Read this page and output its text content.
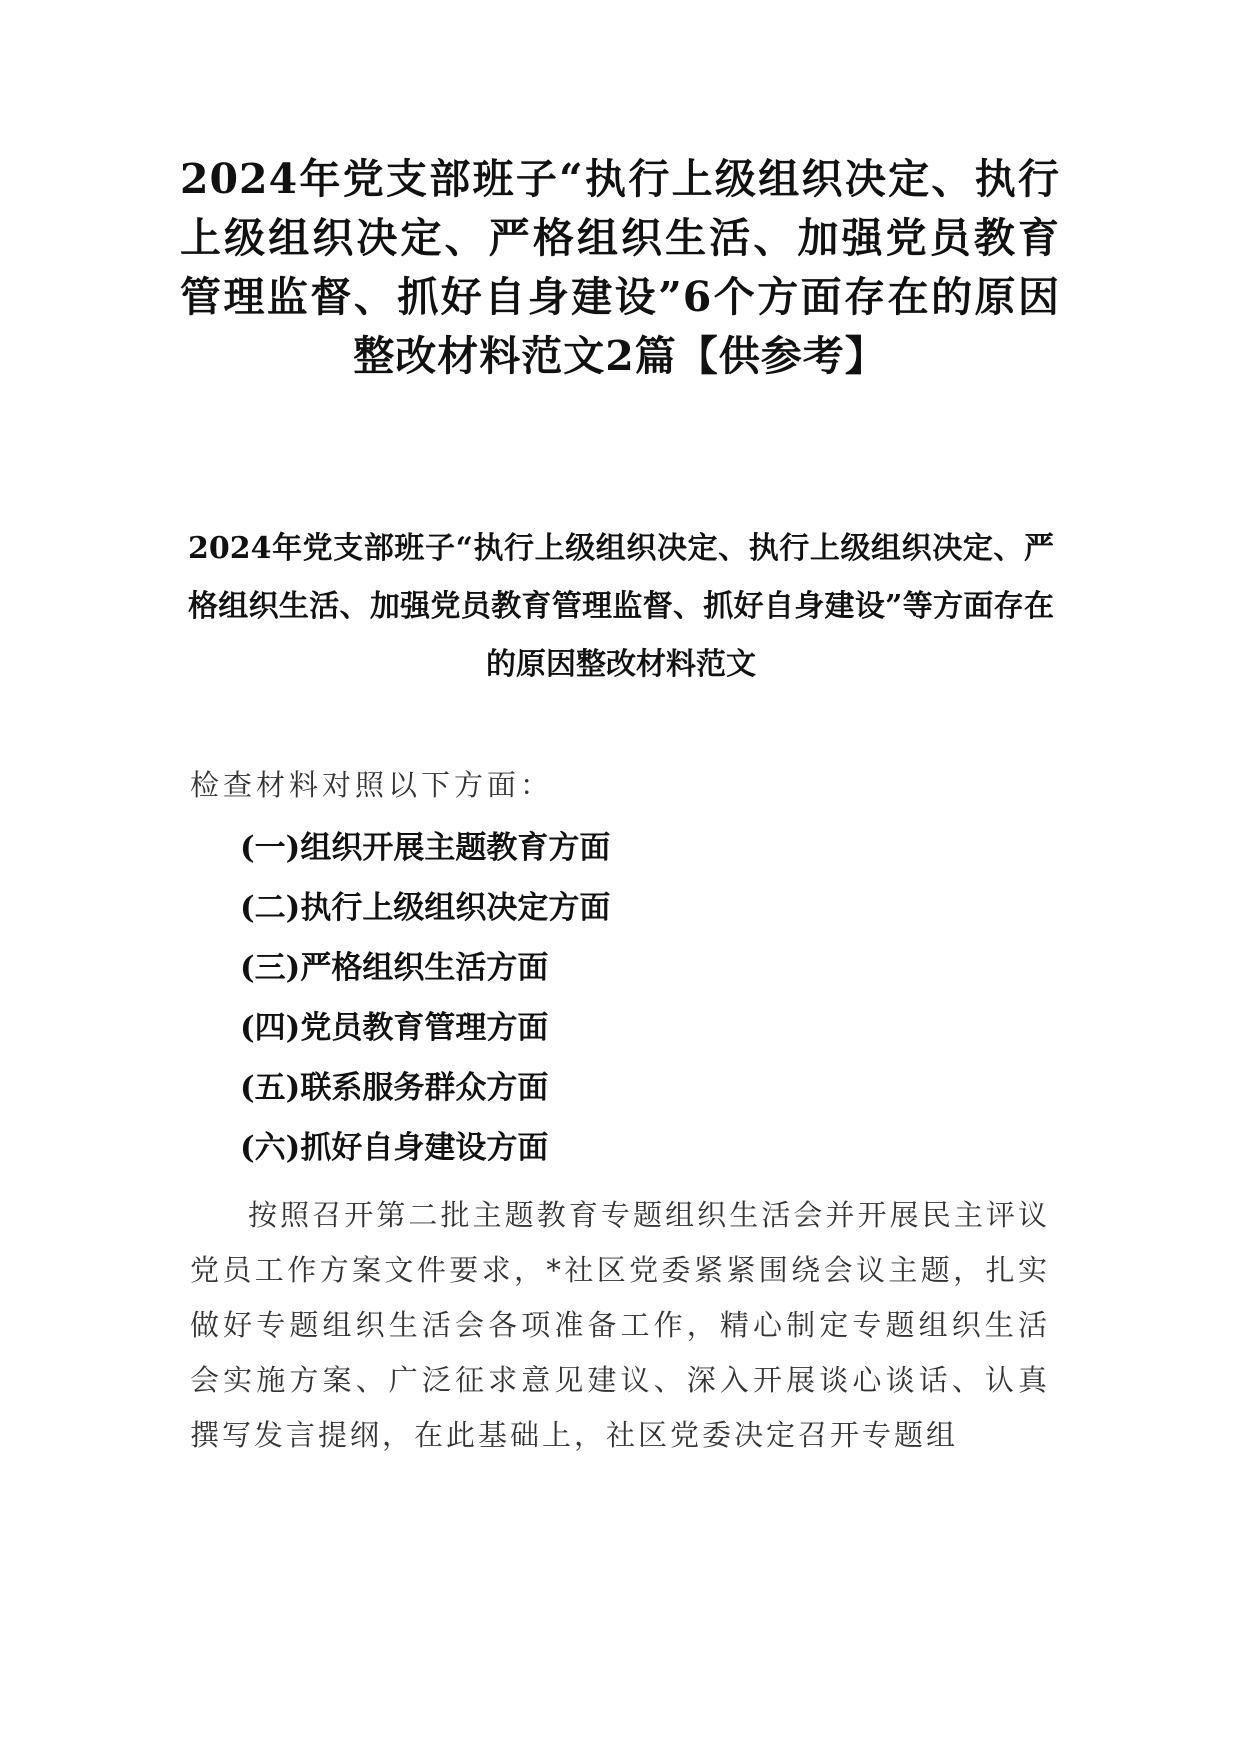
2024年党支部班子“执行上级组织决定、执行上级组织决定、严格组织生活、加强党员教育管理监督、抓好自身建设”6个方面存在的原因整改材料范文2篇【供参考】
2024年党支部班子“执行上级组织决定、执行上级组织决定、严格组织生活、加强党员教育管理监督、抓好自身建设”等方面存在的原因整改材料范文

检查材料对照以下方面：

(一)组织开展主题教育方面
(二)执行上级组织决定方面
(三)严格组织生活方面
(四)党员教育管理方面
(五)联系服务群众方面
(六)抓好自身建设方面

按照召开第二批主题教育专题组织生活会并开展民主评议党员工作方案文件要求，*社区党委紧紧围绕会议主题，扎实做好专题组织生活会各项准备工作，精心制定专题组织生活会实施方案、广泛征求意见建议、深入开展谈心谈话、认真撰写发言提纲，在此基础上，社区党委决定召开专题组
